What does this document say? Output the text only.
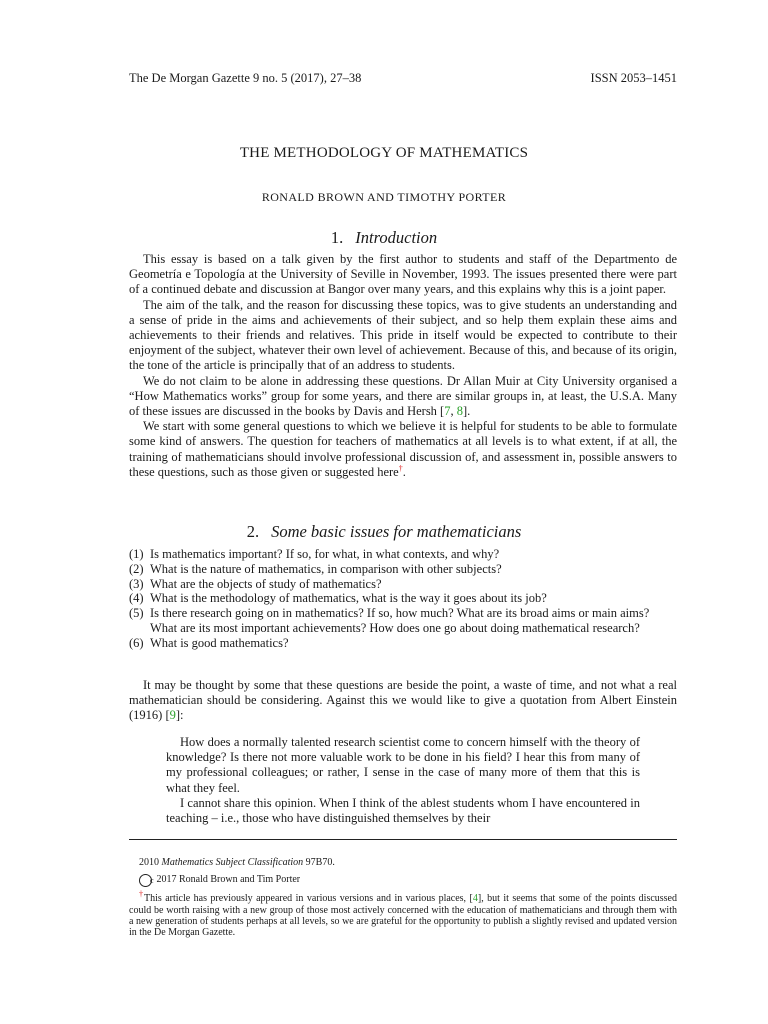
The De Morgan Gazette 9 no. 5 (2017), 27–38	ISSN 2053–1451
THE METHODOLOGY OF MATHEMATICS
RONALD BROWN AND TIMOTHY PORTER
1. Introduction

This essay is based on a talk given by the first author to students and staff of the Departmento de Geometría e Topología at the University of Seville in November, 1993. The issues presented there were part of a continued debate and discussion at Bangor over many years, and this explains why this is a joint paper.

The aim of the talk, and the reason for discussing these topics, was to give students an understanding and a sense of pride in the aims and achievements of their subject, and so help them explain these aims and achievements to their friends and relatives. This pride in itself would be expected to contribute to their enjoyment of the subject, whatever their own level of achievement. Because of this, and because of its origin, the tone of the article is principally that of an address to students.

We do not claim to be alone in addressing these questions. Dr Allan Muir at City University organised a “How Mathematics works” group for some years, and there are similar groups in, at least, the U.S.A. Many of these issues are discussed in the books by Davis and Hersh [7, 8].

We start with some general questions to which we believe it is helpful for students to be able to formulate some kind of answers. The question for teachers of mathematics at all levels is to what extent, if at all, the training of mathematicians should involve professional discussion of, and assessment in, possible answers to these questions, such as those given or suggested here†.

2. Some basic issues for mathematicians
(1) Is mathematics important? If so, for what, in what contexts, and why?
(2) What is the nature of mathematics, in comparison with other subjects?
(3) What are the objects of study of mathematics?
(4) What is the methodology of mathematics, what is the way it goes about its job?
(5) Is there research going on in mathematics? If so, how much? What are its broad aims or main aims? What are its most important achievements? How does one go about doing mathematical research?
(6) What is good mathematics?

It may be thought by some that these questions are beside the point, a waste of time, and not what a real mathematician should be considering. Against this we would like to give a quotation from Albert Einstein (1916) [9]:

How does a normally talented research scientist come to concern himself with the theory of knowledge? Is there not more valuable work to be done in his field? I hear this from many of my professional colleagues; or rather, I sense in the case of many more of them that this is what they feel.

I cannot share this opinion. When I think of the ablest students whom I have encountered in teaching – i.e., those who have distinguished themselves by their

2010 Mathematics Subject Classification 97B70.

c 2017 Ronald Brown and Tim Porter

†This article has previously appeared in various versions and in various places, [4], but it seems that some of the points discussed could be worth raising with a new group of those most actively concerned with the education of mathematicians and through them with a new generation of students perhaps at all levels, so we are grateful for the opportunity to publish a slightly revised and updated version in the De Morgan Gazette.
